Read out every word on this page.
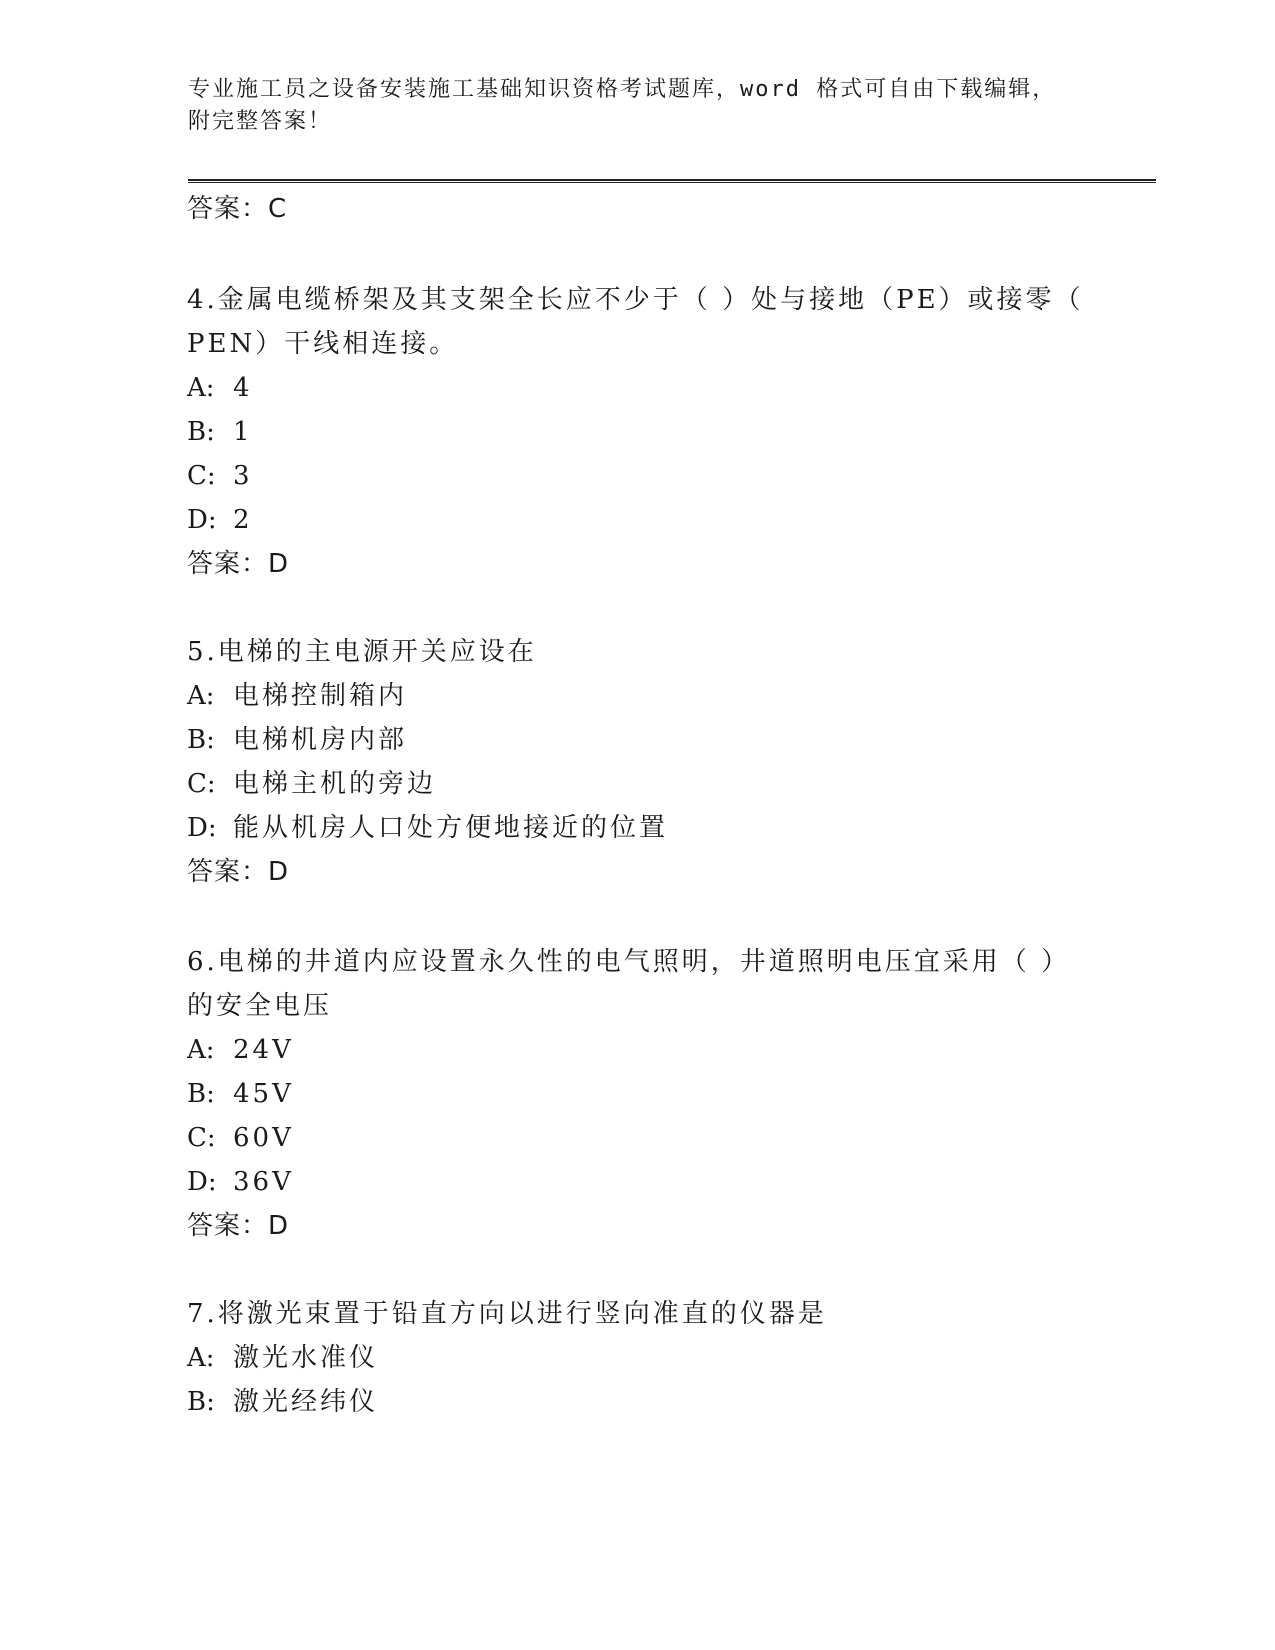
专业施工员之设备安装施工基础知识资格考试题库，word 格式可自由下载编辑，
附完整答案！
答案：C
4.金属电缆桥架及其支架全长应不少于（ ）处与接地（PE）或接零（
PEN）干线相连接。
A: 4
B: 1
C: 3
D: 2
答案：D
5.电梯的主电源开关应设在
A: 电梯控制箱内
B: 电梯机房内部
C: 电梯主机的旁边
D: 能从机房人口处方便地接近的位置
答案：D
6.电梯的井道内应设置永久性的电气照明，井道照明电压宜采用（ ）
的安全电压
A: 24V
B: 45V
C: 60V
D: 36V
答案：D
7.将激光束置于铅直方向以进行竖向准直的仪器是
A: 激光水准仪
B: 激光经纬仪
